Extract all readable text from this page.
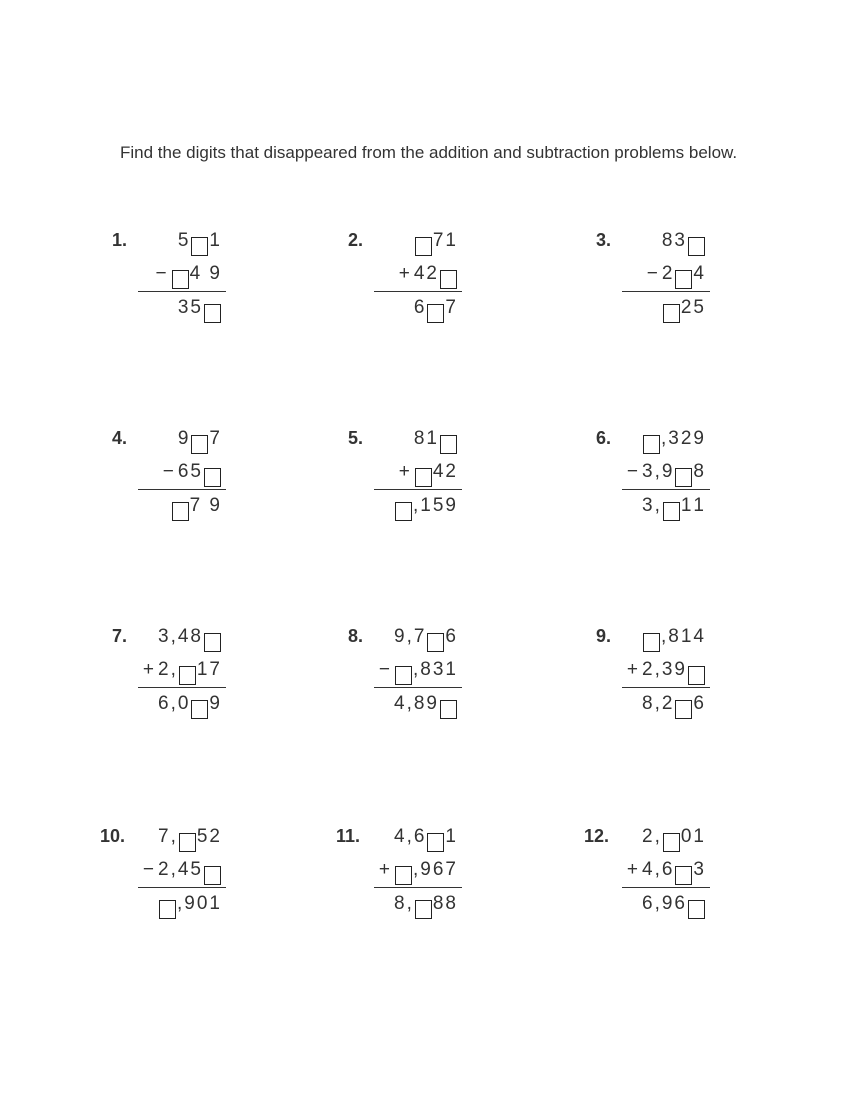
Find the digits that disappeared from the addition and subtraction problems below.
1.	5 1
− 4 9
35
2.	71
+ 42
6 7
3.	83
− 2 4
25
4.	9 7
− 65
7 9
5.	81
+ 42
,159
6.	,329
− 3,9 8
3, 11
7. 3,48
+ 2, 17
6,0 9
8. 9,7 6
− ,831
4,89
9.	,814
+ 2,39
8,2 6
10. 7, 52
− 2,45
,901
11. 4,6 1
+ ,967
8, 88
12. 2, 01
+ 4,6 3
6,96
